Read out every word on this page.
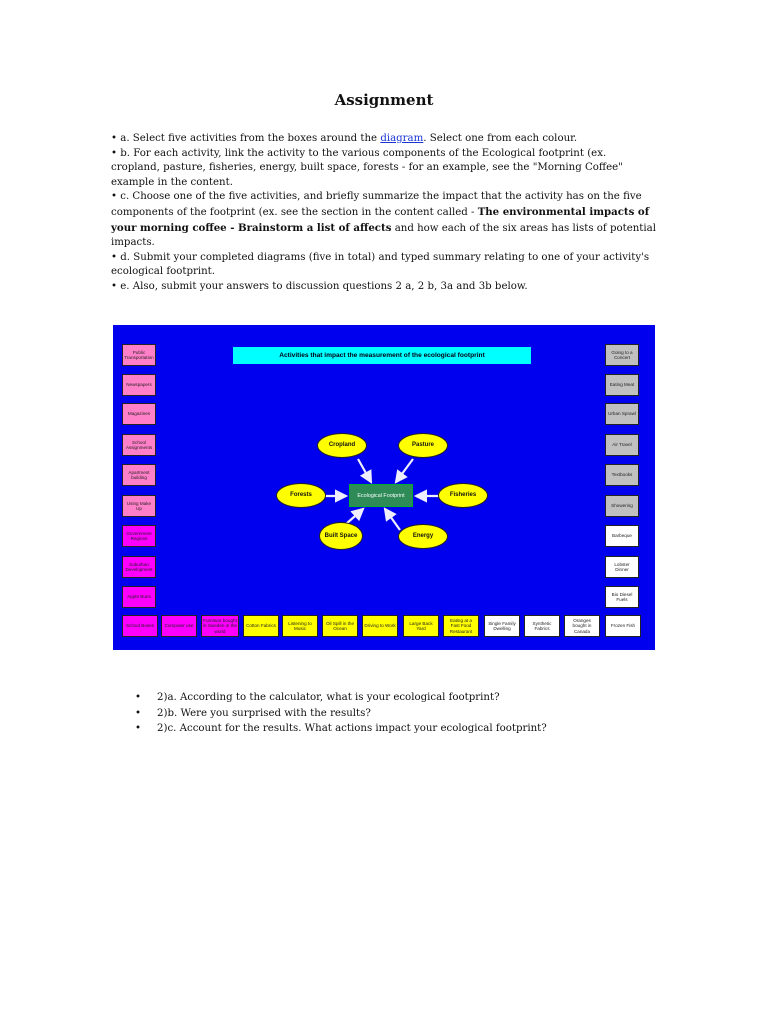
Assignment

• a. Select five activities from the boxes around the diagram. Select one from each colour.

• b. For each activity, link the activity to the various components of the Ecological footprint (ex. cropland, pasture, fisheries, energy, built space, forests - for an example, see the "Morning Coffee" example in the content.

• c. Choose one of the five activities, and briefly summarize the impact that the activity has on the five components of the footprint (ex. see the section in the content called - The environmental impacts of your morning coffee - Brainstorm a list of affects and how each of the six areas has lists of potential impacts.

• d. Submit your completed diagrams (five in total) and typed summary relating to one of your activity's ecological footprint.

• e. Also, submit your answers to discussion questions 2 a, 2 b, 3a and 3b below.

Activities that impact the measurement of the ecological footprint
Public Transportation
Newspapers
Magazines
School Assignments
Apartment building
Using Make Up
Government Regions
Suburban Development
Apple Buns
Going to a Concert
Eating Meat
Urban Sprawl
Air Travel
Textbooks
Showering
Barbeque
Lobster Dinner
Bio Diesel Fuels
School Buses	Computer use
Furniture bought in Sweden in the world
Cotton Fabrics
Listening to Music
Oil Spill in the Ocean
Driving to Work
Large Back Yard
Eating at a Fast Food Restaurant
Single Family Dwelling
Synthetic Fabrics
Oranges bought in Canada
Frozen Fish
Ecological Footprint
Cropland	Pasture
Forests	Fisheries
Built Space	Energy

• 2)a. According to the calculator, what is your ecological footprint?

• 2)b. Were you surprised with the results?

• 2)c. Account for the results. What actions impact your ecological footprint?
